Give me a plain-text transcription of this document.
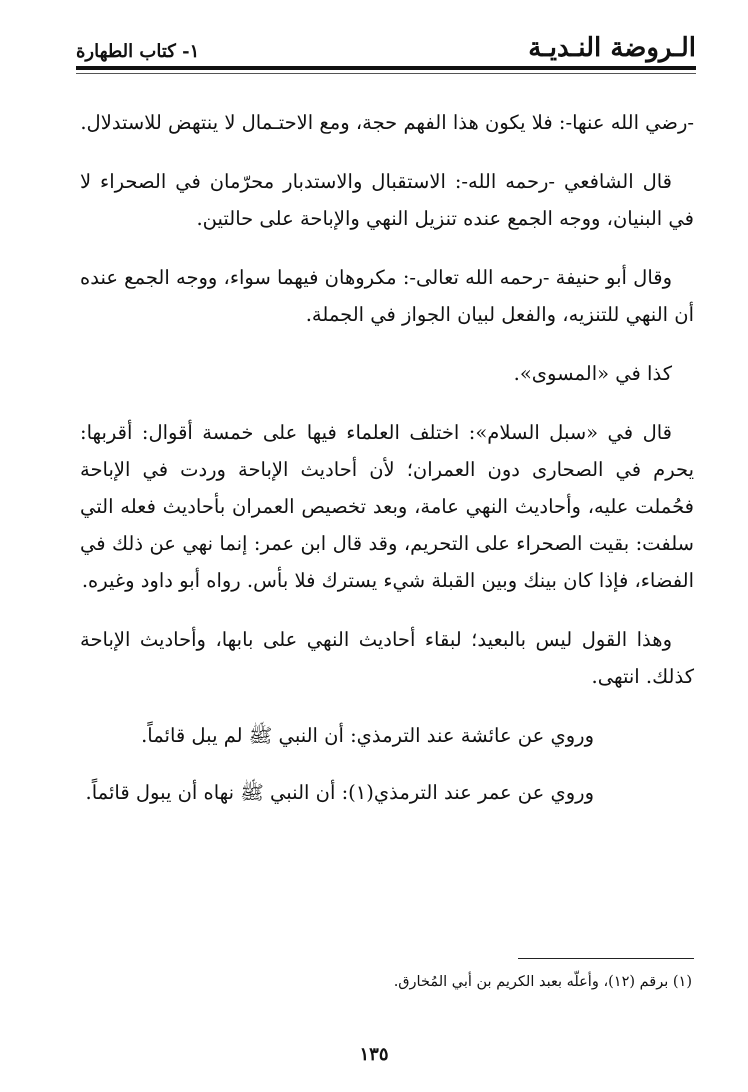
الـروضة النـديـة
١- كتاب الطهارة

-رضي الله عنها-: فلا يكون هذا الفهم حجة، ومع الاحتـمال لا ينتهض للاستدلال.

قال الشافعي -رحمه الله-: الاستقبال والاستدبار محرّمان في الصحراء لا في البنيان، ووجه الجمع عنده تنزيل النهي والإباحة على حالتين.

وقال أبو حنيفة -رحمه الله تعالى-: مكروهان فيهما سواء، ووجه الجمع عنده أن النهي للتنزيه، والفعل لبيان الجواز في الجملة.

كذا في «المسوى».

قال في «سبل السلام»: اختلف العلماء فيها على خمسة أقوال: أقربها: يحرم في الصحارى دون العمران؛ لأن أحاديث الإباحة وردت في الإباحة فحُملت عليه، وأحاديث النهي عامة، وبعد تخصيص العمران بأحاديث فعله التي سلفت: بقيت الصحراء على التحريم، وقد قال ابن عمر: إنما نهي عن ذلك في الفضاء، فإذا كان بينك وبين القبلة شيء يسترك فلا بأس. رواه أبو داود وغيره.

وهذا القول ليس بالبعيد؛ لبقاء أحاديث النهي على بابها، وأحاديث الإباحة كذلك. انتهى.

وروي عن عائشة عند الترمذي: أن النبي ﷺ لم يبل قائماً.

وروي عن عمر عند الترمذي(١): أن النبي ﷺ نهاه أن يبول قائماً.

(١) برقم (١٢)، وأعلّه بعبد الكريم بن أبي المُخارق.
١٣٥
